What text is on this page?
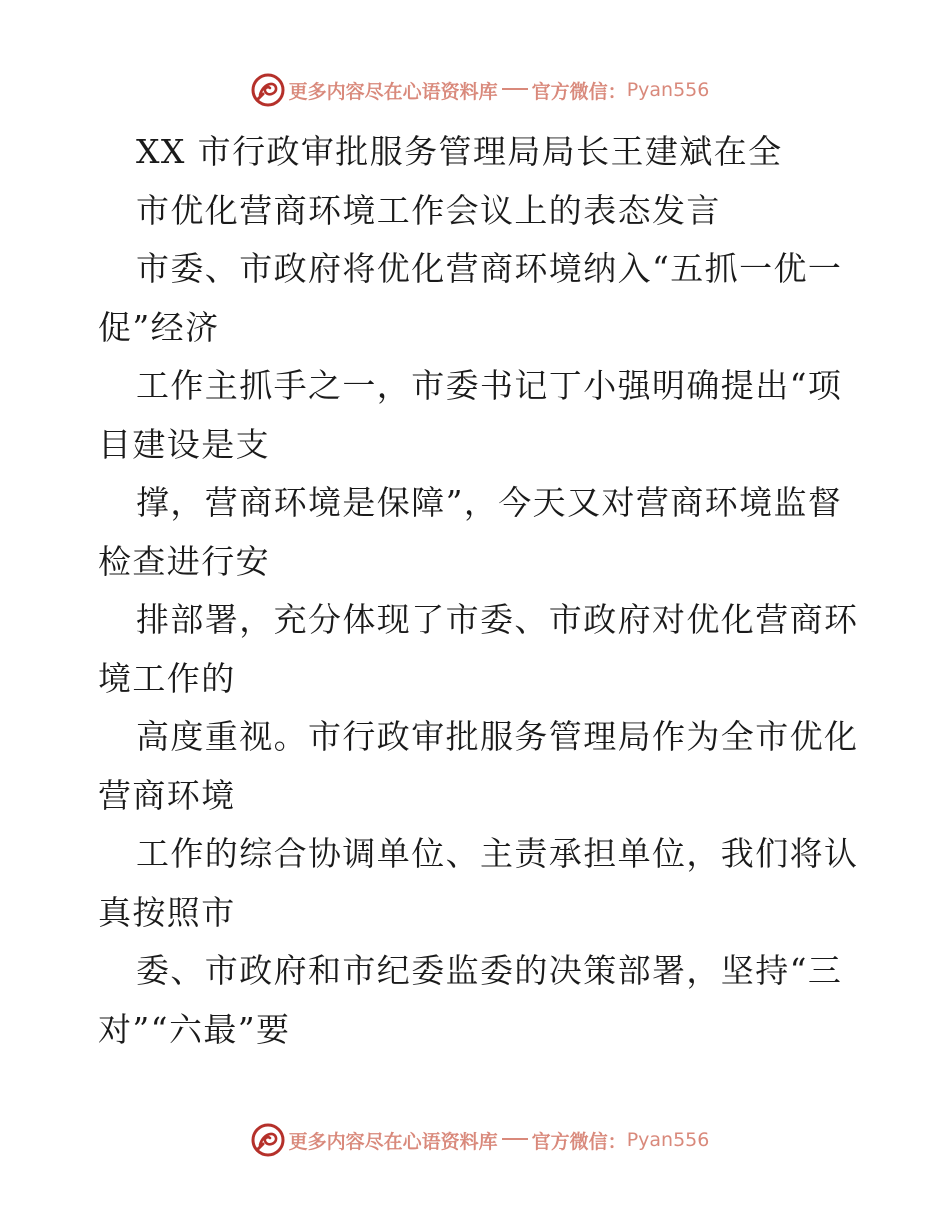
更多内容尽在心语资料库 官方微信： Pyan556

XX 市行政审批服务管理局局长王建斌在全

市优化营商环境工作会议上的表态发言

市委、市政府将优化营商环境纳入“五抓一优一

促”经济

工作主抓手之一，市委书记丁小强明确提出“项

目建设是支

撑，营商环境是保障”，今天又对营商环境监督

检查进行安

排部署，充分体现了市委、市政府对优化营商环

境工作的

高度重视。市行政审批服务管理局作为全市优化

营商环境

工作的综合协调单位、主责承担单位，我们将认

真按照市

委、市政府和市纪委监委的决策部署，坚持“三

对”“六最”要

更多内容尽在心语资料库 官方微信： Pyan556
